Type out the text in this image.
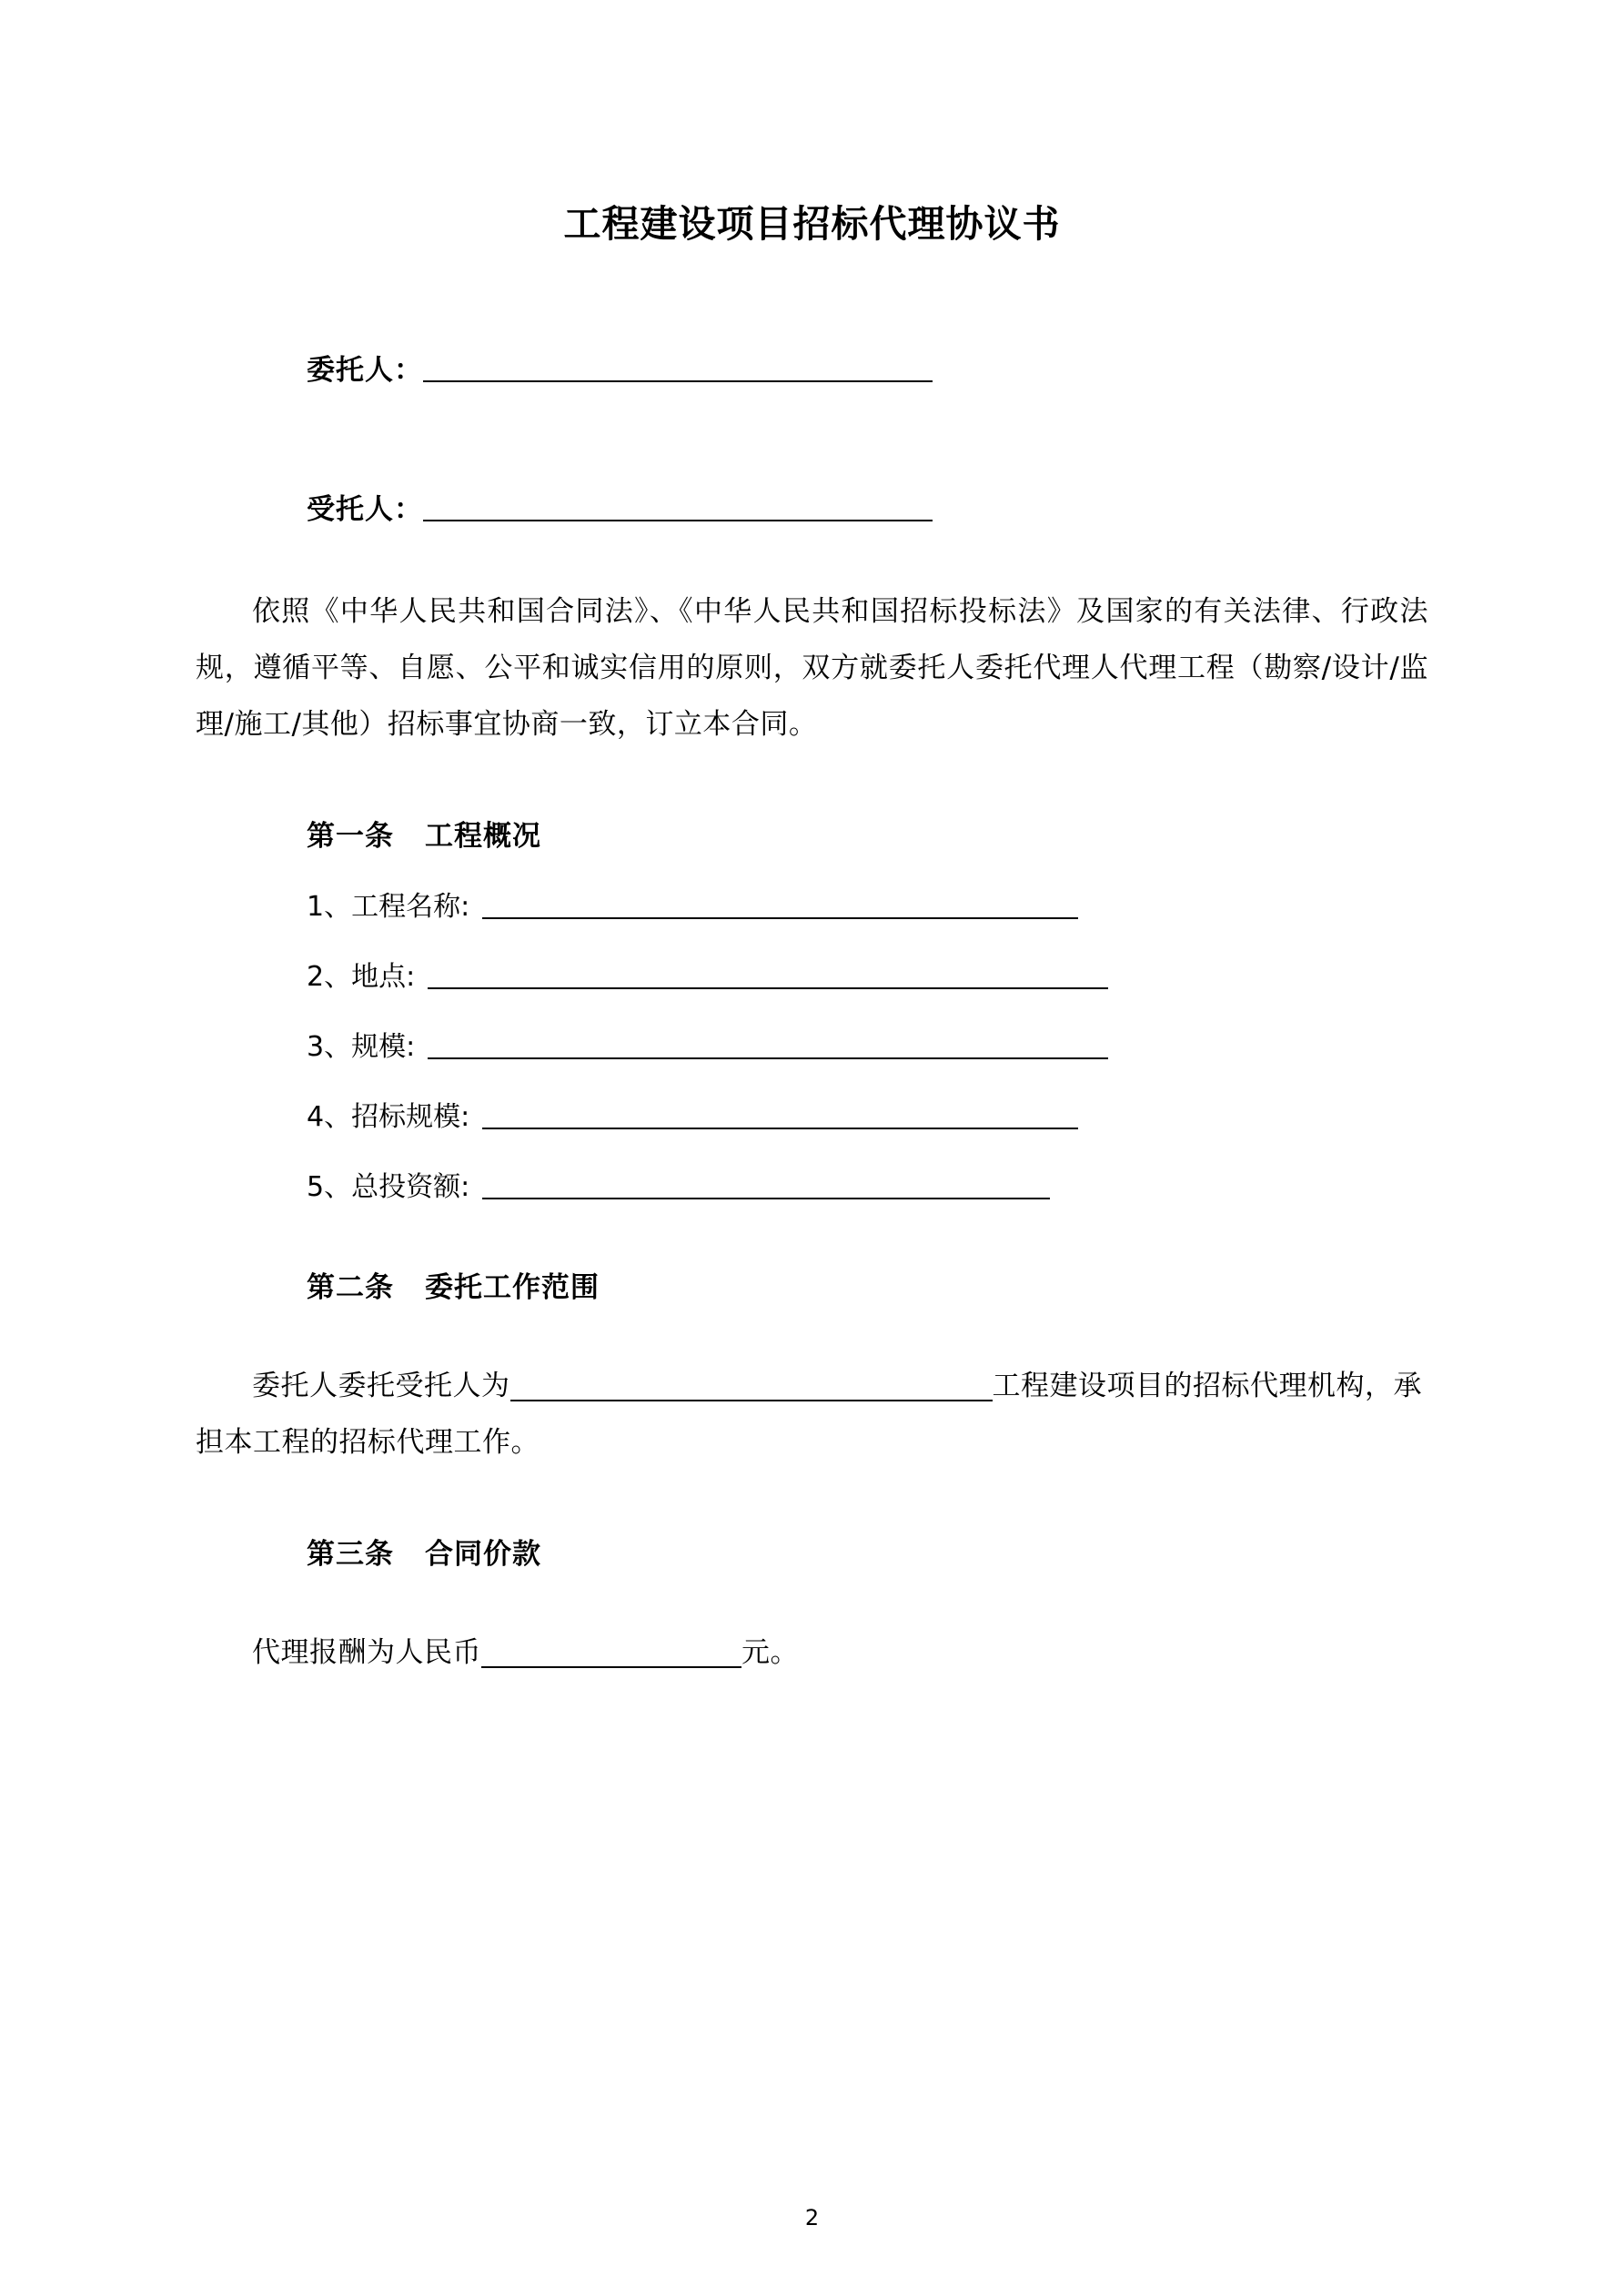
工程建设项目招标代理协议书
委托人：
受托人：

依照《中华人民共和国合同法》、《中华人民共和国招标投标法》及国家的有关法律、行政法规，遵循平等、自愿、公平和诚实信用的原则，双方就委托人委托代理人代理工程（勘察/设计/监理/施工/其他）招标事宜协商一致，订立本合同。

第一条 工程概况
1、工程名称:
2、地点:
3、规模:
4、招标规模:
5、总投资额:
第二条 委托工作范围

委托人委托受托人为	工程建设项目的招标代理机构，承担本工程的招标代理工作。

第三条 合同价款

代理报酬为人民币	元。

2
